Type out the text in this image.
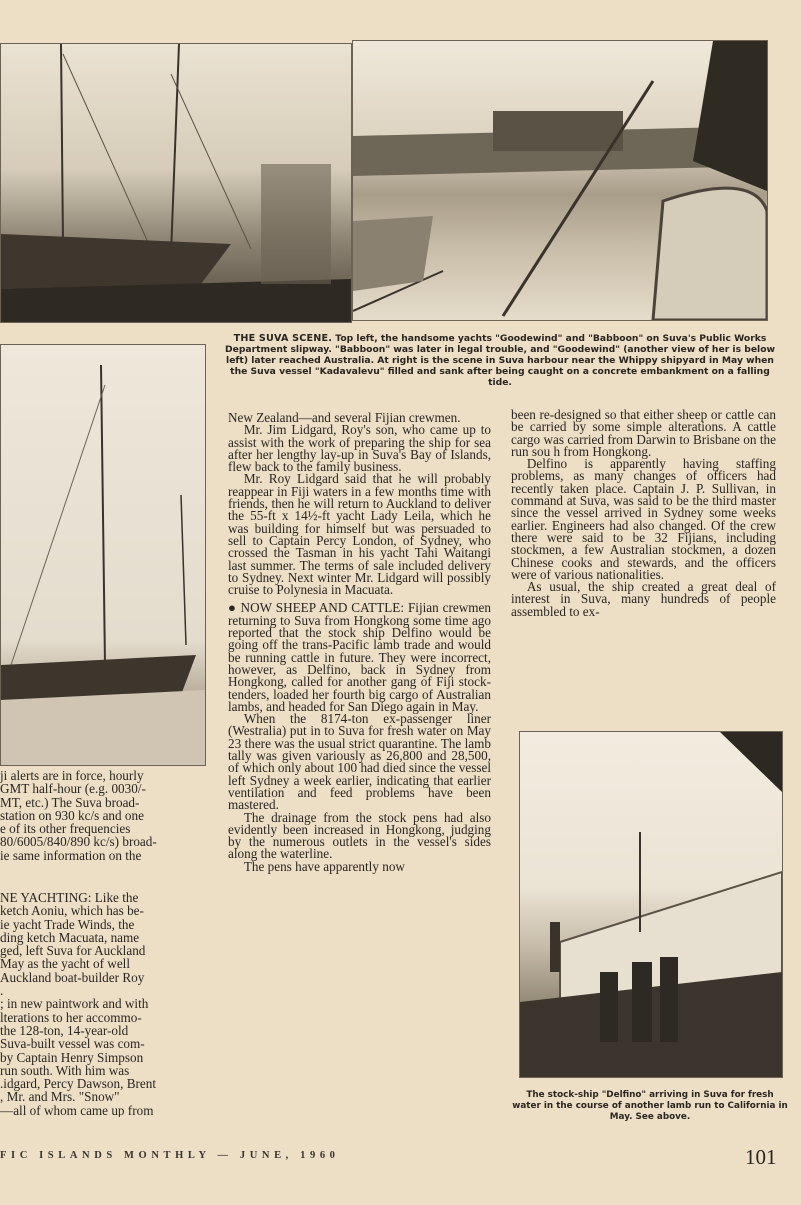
THE SUVA SCENE. Top left, the handsome yachts "Goodewind" and "Babboon" on Suva's Public Works Department slipway. "Babboon" was later in legal trouble, and "Goodewind" (another view of her is below left) later reached Australia. At right is the scene in Suva harbour near the Whippy shipyard in May when the Suva vessel "Kadavalevu" filled and sank after being caught on a concrete embankment on a falling tide.
ji alerts are in force, hourly
GMT half-hour (e.g. 0030/-
MT, etc.) The Suva broad-
station on 930 kc/s and one
e of its other frequencies
80/6005/840/890 kc/s) broad-
ie same information on the
NE YACHTING: Like the
ketch Aoniu, which has be-
ie yacht Trade Winds, the
ding ketch Macuata, name
ged, left Suva for Auckland
May as the yacht of well
Auckland boat-builder Roy
.
; in new paintwork and with
lterations to her accommo-
the 128-ton, 14-year-old
Suva-built vessel was com-
by Captain Henry Simpson
run south. With him was
.idgard, Percy Dawson, Brent
, Mr. and Mrs. "Snow"
—all of whom came up from

New Zealand—and several Fijian crewmen.

Mr. Jim Lidgard, Roy's son, who came up to assist with the work of preparing the ship for sea after her lengthy lay-up in Suva's Bay of Islands, flew back to the family business.

Mr. Roy Lidgard said that he will probably reappear in Fiji waters in a few months time with friends, then he will return to Auckland to deliver the 55-ft x 14½-ft yacht Lady Leila, which he was building for himself but was persuaded to sell to Captain Percy London, of Sydney, who crossed the Tasman in his yacht Tahi Waitangi last summer. The terms of sale included delivery to Sydney. Next winter Mr. Lidgard will possibly cruise to Polynesia in Macuata.

● NOW SHEEP AND CATTLE: Fijian crewmen returning to Suva from Hongkong some time ago reported that the stock ship Delfino would be going off the trans-Pacific lamb trade and would be running cattle in future. They were incorrect, however, as Delfino, back in Sydney from Hongkong, called for another gang of Fiji stock-tenders, loaded her fourth big cargo of Australian lambs, and headed for San Diego again in May.

When the 8174-ton ex-passenger liner (Westralia) put in to Suva for fresh water on May 23 there was the usual strict quarantine. The lamb tally was given variously as 26,800 and 28,500, of which only about 100 had died since the vessel left Sydney a week earlier, indicating that earlier ventilation and feed problems have been mastered.

The drainage from the stock pens had also evidently been increased in Hongkong, judging by the numerous outlets in the vessel's sides along the waterline.

The pens have apparently now

been re-designed so that either sheep or cattle can be carried by some simple alterations. A cattle cargo was carried from Darwin to Brisbane on the run sou h from Hongkong.

Delfino is apparently having staffing problems, as many changes of officers had recently taken place. Captain J. P. Sullivan, in command at Suva, was said to be the third master since the vessel arrived in Sydney some weeks earlier. Engineers had also changed. Of the crew there were said to be 32 Fijians, including stockmen, a few Australian stockmen, a dozen Chinese cooks and stewards, and the officers were of various nationalities.

As usual, the ship created a great deal of interest in Suva, many hundreds of people assembled to ex-

The stock-ship "Delfino" arriving in Suva for fresh water in the course of another lamb run to California in May. See above.
FIC ISLANDS MONTHLY — JUNE, 1960	101
